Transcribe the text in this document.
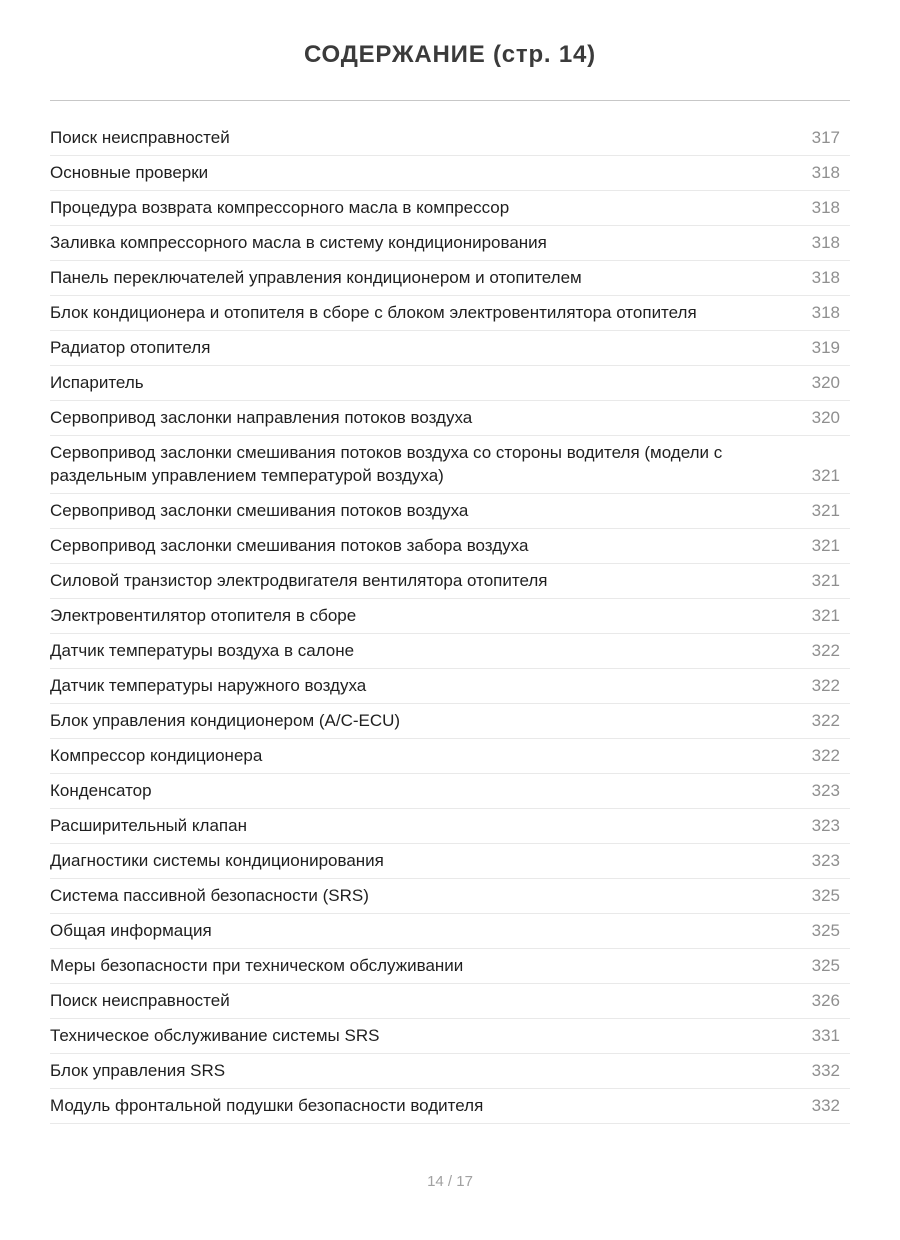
СОДЕРЖАНИЕ (стр. 14)
Поиск неисправностей	317
Основные проверки	318
Процедура возврата компрессорного масла в компрессор	318
Заливка компрессорного масла в систему кондиционирования	318
Панель переключателей управления кондиционером и отопителем	318
Блок кондиционера и отопителя в сборе с блоком электровентилятора отопителя	318
Радиатор отопителя	319
Испаритель	320
Сервопривод заслонки направления потоков воздуха	320
Сервопривод заслонки смешивания потоков воздуха со стороны водителя (модели с раздельным управлением температурой воздуха)	321
Сервопривод заслонки смешивания потоков воздуха	321
Сервопривод заслонки смешивания потоков забора воздуха	321
Силовой транзистор электродвигателя вентилятора отопителя	321
Электровентилятор отопителя в сборе	321
Датчик температуры воздуха в салоне	322
Датчик температуры наружного воздуха	322
Блок управления кондиционером (A/C-ECU)	322
Компрессор кондиционера	322
Конденсатор	323
Расширительный клапан	323
Диагностики системы кондиционирования	323
Система пассивной безопасности (SRS)	325
Общая информация	325
Меры безопасности при техническом обслуживании	325
Поиск неисправностей	326
Техническое обслуживание системы SRS	331
Блок управления SRS	332
Модуль фронтальной подушки безопасности водителя	332
14 / 17
